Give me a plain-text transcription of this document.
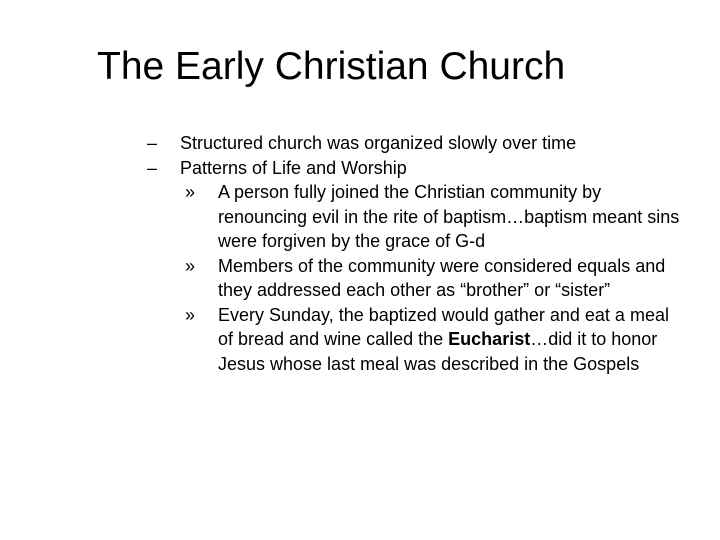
The Early Christian Church
– Structured church was organized slowly over time
– Patterns of Life and Worship
» A person fully joined the Christian community by renouncing evil in the rite of baptism…baptism meant sins were forgiven by the grace of G-d
» Members of the community were considered equals and they addressed each other as “brother” or “sister”
» Every Sunday, the baptized would gather and eat a meal of bread and wine called the Eucharist…did it to honor Jesus whose last meal was described in the Gospels
